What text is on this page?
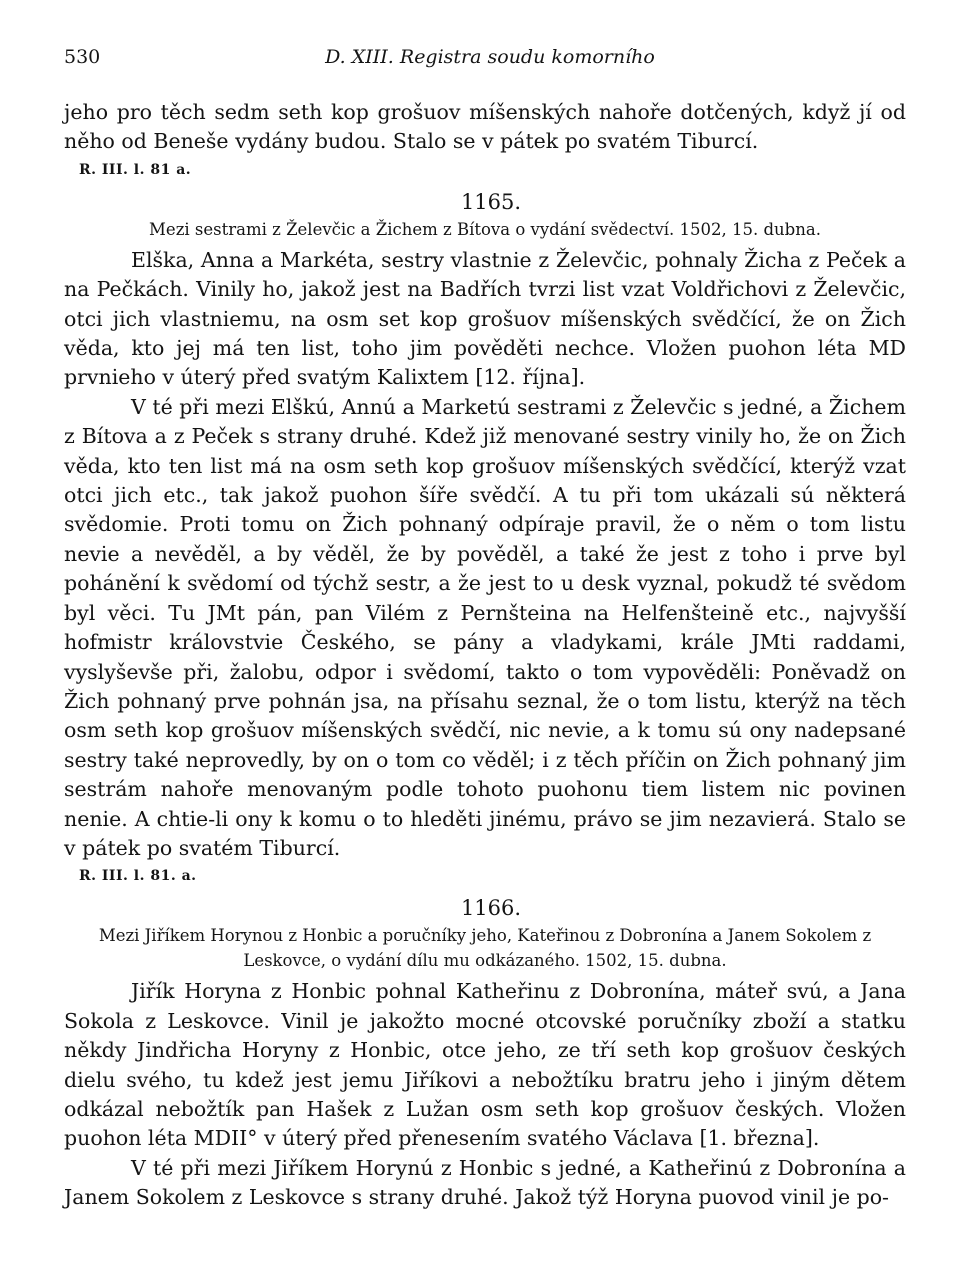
530	D. XIII. Registra soudu komorního

jeho pro těch sedm seth kop grošuov míšenských nahoře dotčených, když jí od něho od Beneše vydány budou. Stalo se v pátek po svatém Tiburcí.

R. III. l. 81 a.
1165.
Mezi sestrami z Želevčic a Žichem z Bítova o vydání svědectví. 1502, 15. dubna.

Elška, Anna a Markéta, sestry vlastnie z Želevčic, pohnaly Žicha z Peček a na Pečkách. Vinily ho, jakož jest na Badřích tvrzi list vzat Voldřichovi z Želevčic, otci jich vlastniemu, na osm set kop grošuov míšenských svědčící, že on Žich věda, kto jej má ten list, toho jim pověděti nechce. Vložen puohon léta MD prvnieho v úterý před svatým Kalixtem [12. října].

V té při mezi Elškú, Annú a Marketú sestrami z Želevčic s jedné, a Žichem z Bítova a z Peček s strany druhé. Kdež již menované sestry vinily ho, že on Žich věda, kto ten list má na osm seth kop grošuov míšenských svědčící, kterýž vzat otci jich etc., tak jakož puohon šíře svědčí. A tu při tom ukázali sú některá svědomie. Proti tomu on Žich pohnaný odpíraje pravil, že o něm o tom listu nevie a nevěděl, a by věděl, že by pověděl, a také že jest z toho i prve byl pohánění k svědomí od týchž sestr, a že jest to u desk vyznal, pokudž té svědom byl věci. Tu JMt pán, pan Vilém z Pernšteina na Helfenšteině etc., najvyšší hofmistr královstvie Českého, se pány a vladykami, krále JMti raddami, vyslyševše při, žalobu, odpor i svědomí, takto o tom vypověděli: Poněvadž on Žich pohnaný prve pohnán jsa, na přísahu seznal, že o tom listu, kterýž na těch osm seth kop grošuov míšenských svědčí, nic nevie, a k tomu sú ony nadepsané sestry také neprovedly, by on o tom co věděl; i z těch příčin on Žich pohnaný jim sestrám nahoře menovaným podle tohoto puohonu tiem listem nic povinen nenie. A chtie-li ony k komu o to hleděti jinému, právo se jim nezavierá. Stalo se v pátek po svatém Tiburcí.

R. III. l. 81. a.
1166.
Mezi Jiříkem Horynou z Honbic a poručníky jeho, Kateřinou z Dobronína a Janem Sokolem z Leskovce, o vydání dílu mu odkázaného. 1502, 15. dubna.

Jiřík Horyna z Honbic pohnal Katheřinu z Dobronína, máteř svú, a Jana Sokola z Leskovce. Vinil je jakožto mocné otcovské poručníky zboží a statku někdy Jindřicha Horyny z Honbic, otce jeho, ze tří seth kop grošuov českých dielu svého, tu kdež jest jemu Jiříkovi a nebožtíku bratru jeho i jiným dětem odkázal nebožtík pan Hašek z Lužan osm seth kop grošuov českých. Vložen puohon léta MDII° v úterý před přenesením svatého Václava [1. března].

V té při mezi Jiříkem Horynú z Honbic s jedné, a Katheřinú z Dobronína a Janem Sokolem z Leskovce s strany druhé. Jakož týž Horyna puovod vinil je po-
